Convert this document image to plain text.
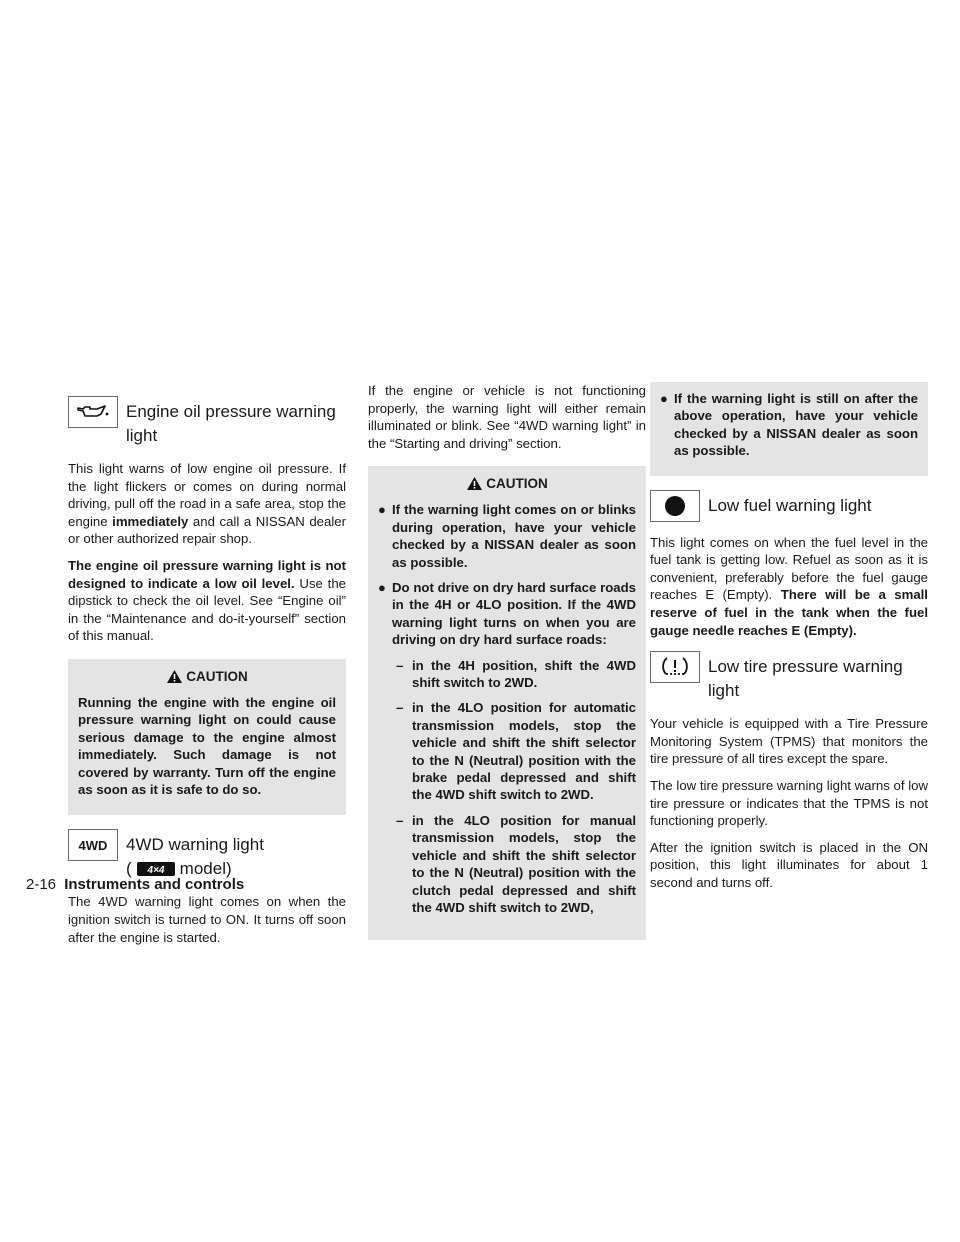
Engine oil pressure warning light

This light warns of low engine oil pressure. If the light flickers or comes on during normal driving, pull off the road in a safe area, stop the engine immediately and call a NISSAN dealer or other authorized repair shop.

The engine oil pressure warning light is not designed to indicate a low oil level. Use the dipstick to check the oil level. See “Engine oil” in the “Maintenance and do-it-yourself” section of this manual.

CAUTION

Running the engine with the engine oil pressure warning light on could cause serious damage to the engine almost immediately. Such damage is not covered by warranty. Turn off the engine as soon as it is safe to do so.

4WD 4WD warning light
( 4×4 model)

The 4WD warning light comes on when the ignition switch is turned to ON. It turns off soon after the engine is started.

If the engine or vehicle is not functioning properly, the warning light will either remain illuminated or blink. See “4WD warning light” in the “Starting and driving” section.

CAUTION
● If the warning light comes on or blinks during operation, have your vehicle checked by a NISSAN dealer as soon as possible.
● Do not drive on dry hard surface roads in the 4H or 4LO position. If the 4WD warning light turns on when you are driving on dry hard surface roads:
– in the 4H position, shift the 4WD shift switch to 2WD.
– in the 4LO position for automatic transmission models, stop the vehicle and shift the shift selector to the N (Neutral) position with the brake pedal depressed and shift the 4WD shift switch to 2WD.
– in the 4LO position for manual transmission models, stop the vehicle and shift the shift selector to the N (Neutral) position with the clutch pedal depressed and shift the 4WD shift switch to 2WD,
● If the warning light is still on after the above operation, have your vehicle checked by a NISSAN dealer as soon as possible.
Low fuel warning light

This light comes on when the fuel level in the fuel tank is getting low. Refuel as soon as it is convenient, preferably before the fuel gauge reaches E (Empty). There will be a small reserve of fuel in the tank when the fuel gauge needle reaches E (Empty).

Low tire pressure warning light

Your vehicle is equipped with a Tire Pressure Monitoring System (TPMS) that monitors the tire pressure of all tires except the spare.

The low tire pressure warning light warns of low tire pressure or indicates that the TPMS is not functioning properly.

After the ignition switch is placed in the ON position, this light illuminates for about 1 second and turns off.

2-16 Instruments and controls
